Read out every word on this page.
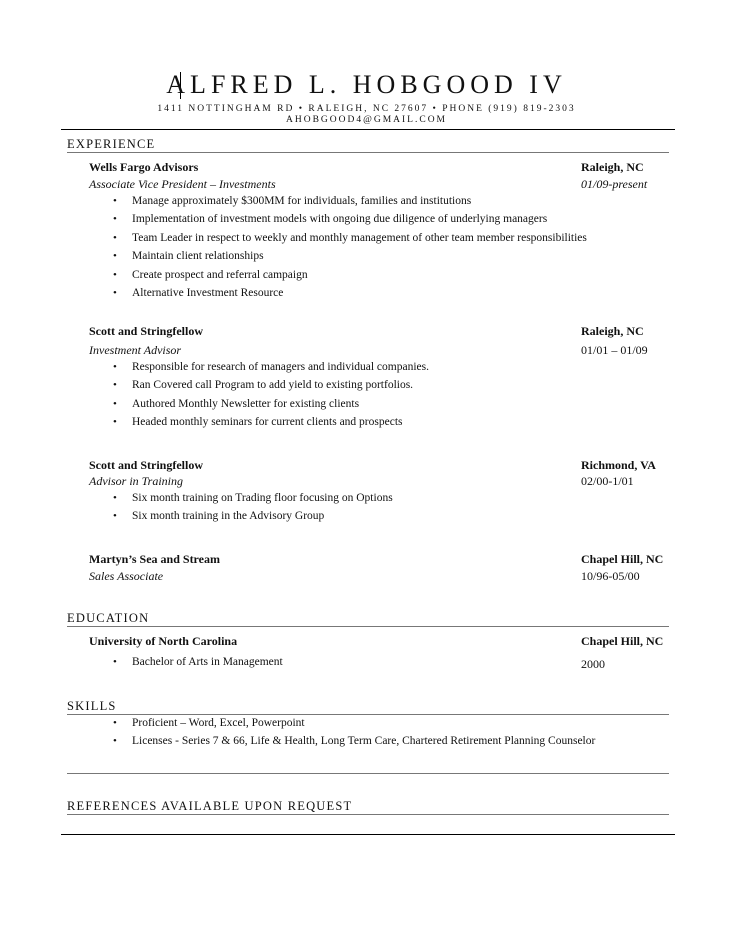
ALFRED L. HOBGOOD IV
1411 NOTTINGHAM RD • RALEIGH, NC 27607 • PHONE (919) 819-2303
AHOBGOOD4@GMAIL.COM
EXPERIENCE
Wells Fargo Advisors	Raleigh, NC
Associate Vice President – Investments	01/09-present
• Manage approximately $300MM for individuals, families and institutions
• Implementation of investment models with ongoing due diligence of underlying managers
• Team Leader in respect to weekly and monthly management of other team member responsibilities
• Maintain client relationships
• Create prospect and referral campaign
• Alternative Investment Resource
Scott and Stringfellow	Raleigh, NC
Investment Advisor	01/01 – 01/09
• Responsible for research of managers and individual companies.
• Ran Covered call Program to add yield to existing portfolios.
• Authored Monthly Newsletter for existing clients
• Headed monthly seminars for current clients and prospects
Scott and Stringfellow	Richmond, VA
Advisor in Training	02/00-1/01
• Six month training on Trading floor focusing on Options
• Six month training in the Advisory Group
Martyn’s Sea and Stream	Chapel Hill, NC
Sales Associate	10/96-05/00
EDUCATION
University of North Carolina	Chapel Hill, NC
• Bachelor of Arts in Management	2000
SKILLS
• Proficient – Word, Excel, Powerpoint
• Licenses - Series 7 & 66, Life & Health, Long Term Care, Chartered Retirement Planning Counselor
REFERENCES AVAILABLE UPON REQUEST
